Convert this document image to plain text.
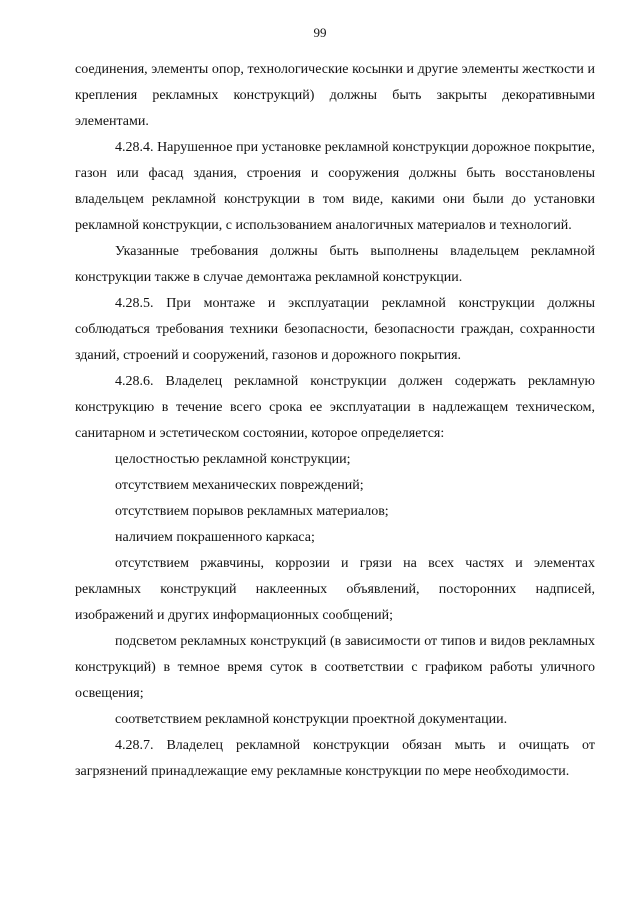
99

соединения, элементы опор, технологические косынки и другие элементы жесткости и крепления рекламных конструкций) должны быть закрыты декоративными элементами.

4.28.4. Нарушенное при установке рекламной конструкции дорожное покрытие, газон или фасад здания, строения и сооружения должны быть восстановлены владельцем рекламной конструкции в том виде, какими они были до установки рекламной конструкции, с использованием аналогичных материалов и технологий.

Указанные требования должны быть выполнены владельцем рекламной конструкции также в случае демонтажа рекламной конструкции.

4.28.5. При монтаже и эксплуатации рекламной конструкции должны соблюдаться требования техники безопасности, безопасности граждан, сохранности зданий, строений и сооружений, газонов и дорожного покрытия.

4.28.6. Владелец рекламной конструкции должен содержать рекламную конструкцию в течение всего срока ее эксплуатации в надлежащем техническом, санитарном и эстетическом состоянии, которое определяется:

целостностью рекламной конструкции;

отсутствием механических повреждений;

отсутствием порывов рекламных материалов;

наличием покрашенного каркаса;

отсутствием ржавчины, коррозии и грязи на всех частях и элементах рекламных конструкций наклеенных объявлений, посторонних надписей, изображений и других информационных сообщений;

подсветом рекламных конструкций (в зависимости от типов и видов рекламных конструкций) в темное время суток в соответствии с графиком работы уличного освещения;

соответствием рекламной конструкции проектной документации.

4.28.7. Владелец рекламной конструкции обязан мыть и очищать от загрязнений принадлежащие ему рекламные конструкции по мере необходимости.
